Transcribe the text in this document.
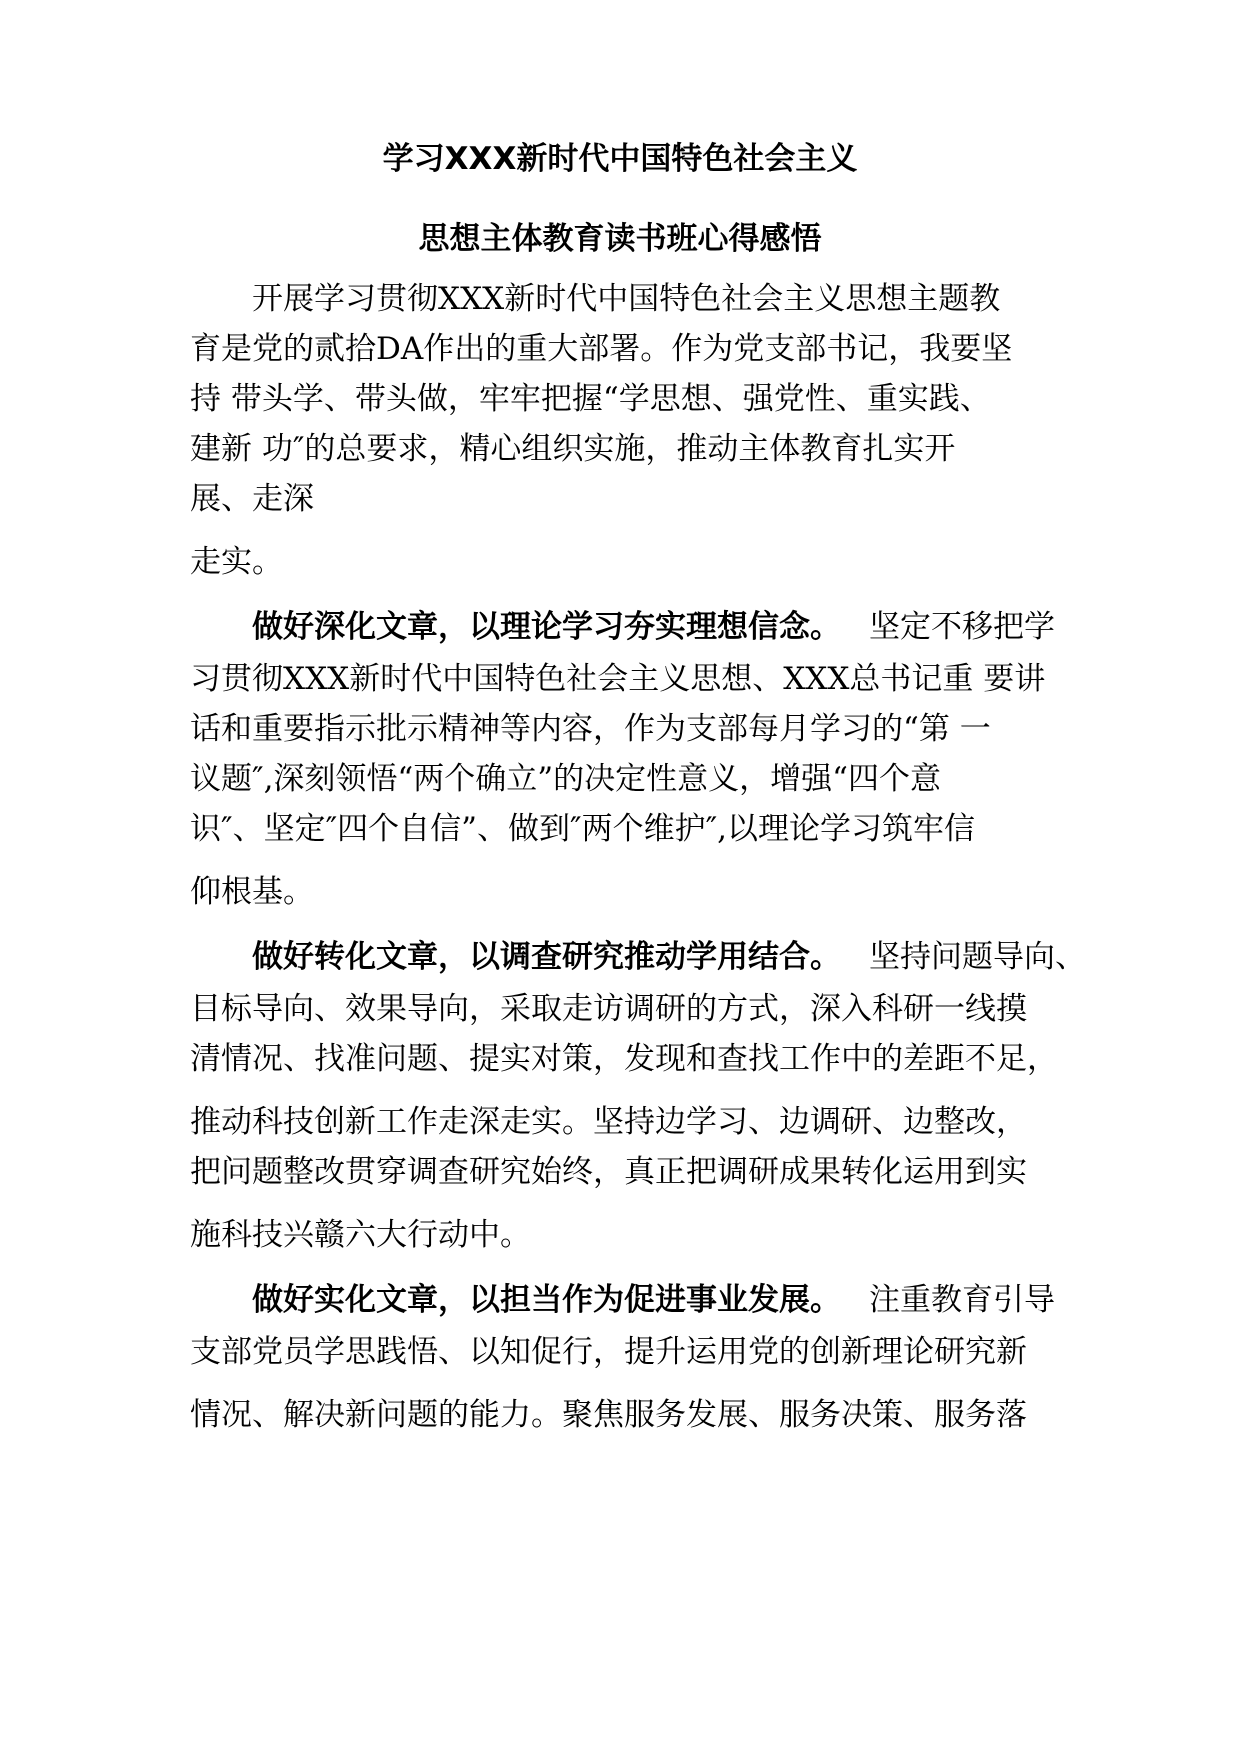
学习XXX新时代中国特色社会主义
思想主体教育读书班心得感悟
开展学习贯彻XXX新时代中国特色社会主义思想主题教
育是党的贰拾DA作出的重大部署。作为党支部书记，我要坚
持 带头学、带头做，牢牢把握“学思想、强党性、重实践、
建新 功″的总要求，精心组织实施，推动主体教育扎实开
展、走深
走实。
做好深化文章，以理论学习夯实理想信念。 坚定不移把学
习贯彻XXX新时代中国特色社会主义思想、XXX总书记重 要讲
话和重要指示批示精神等内容，作为支部每月学习的“第 一
议题″,深刻领悟“两个确立”的决定性意义，增强“四个意
识″、坚定″四个自信”、做到″两个维护″,以理论学习筑牢信
仰根基。
做好转化文章，以调查研究推动学用结合。 坚持问题导向、
目标导向、效果导向，采取走访调研的方式，深入科研一线摸
清情况、找准问题、提实对策，发现和查找工作中的差距不足，
推动科技创新工作走深走实。坚持边学习、边调研、边整改，
把问题整改贯穿调查研究始终，真正把调研成果转化运用到实
施科技兴赣六大行动中。
做好实化文章，以担当作为促进事业发展。 注重教育引导
支部党员学思践悟、以知促行，提升运用党的创新理论研究新
情况、解决新问题的能力。聚焦服务发展、服务决策、服务落
